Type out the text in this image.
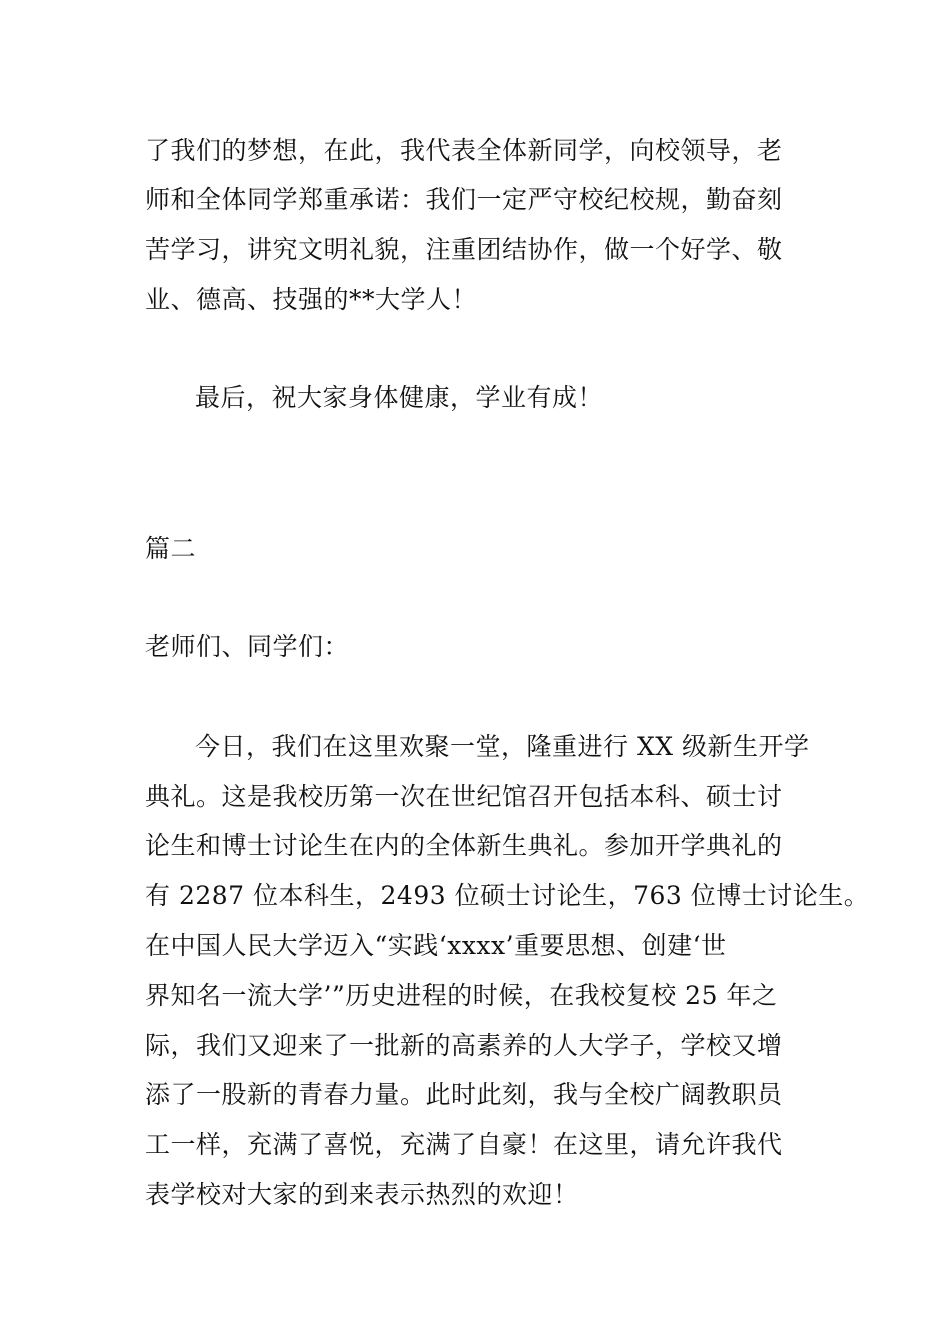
了我们的梦想，在此，我代表全体新同学，向校领导，老
师和全体同学郑重承诺：我们一定严守校纪校规，勤奋刻
苦学习，讲究文明礼貌，注重团结协作，做一个好学、敬
业、德高、技强的**大学人！
最后，祝大家身体健康，学业有成！
篇二
老师们、同学们：
今日，我们在这里欢聚一堂，隆重进行 XX 级新生开学
典礼。这是我校历第一次在世纪馆召开包括本科、硕士讨
论生和博士讨论生在内的全体新生典礼。参加开学典礼的
有 2287 位本科生，2493 位硕士讨论生，763 位博士讨论生。
在中国人民大学迈入“实践‘xxxx’重要思想、创建‘世
界知名一流大学’”历史进程的时候，在我校复校 25 年之
际，我们又迎来了一批新的高素养的人大学子，学校又增
添了一股新的青春力量。此时此刻，我与全校广阔教职员
工一样，充满了喜悦，充满了自豪！在这里，请允许我代
表学校对大家的到来表示热烈的欢迎！
